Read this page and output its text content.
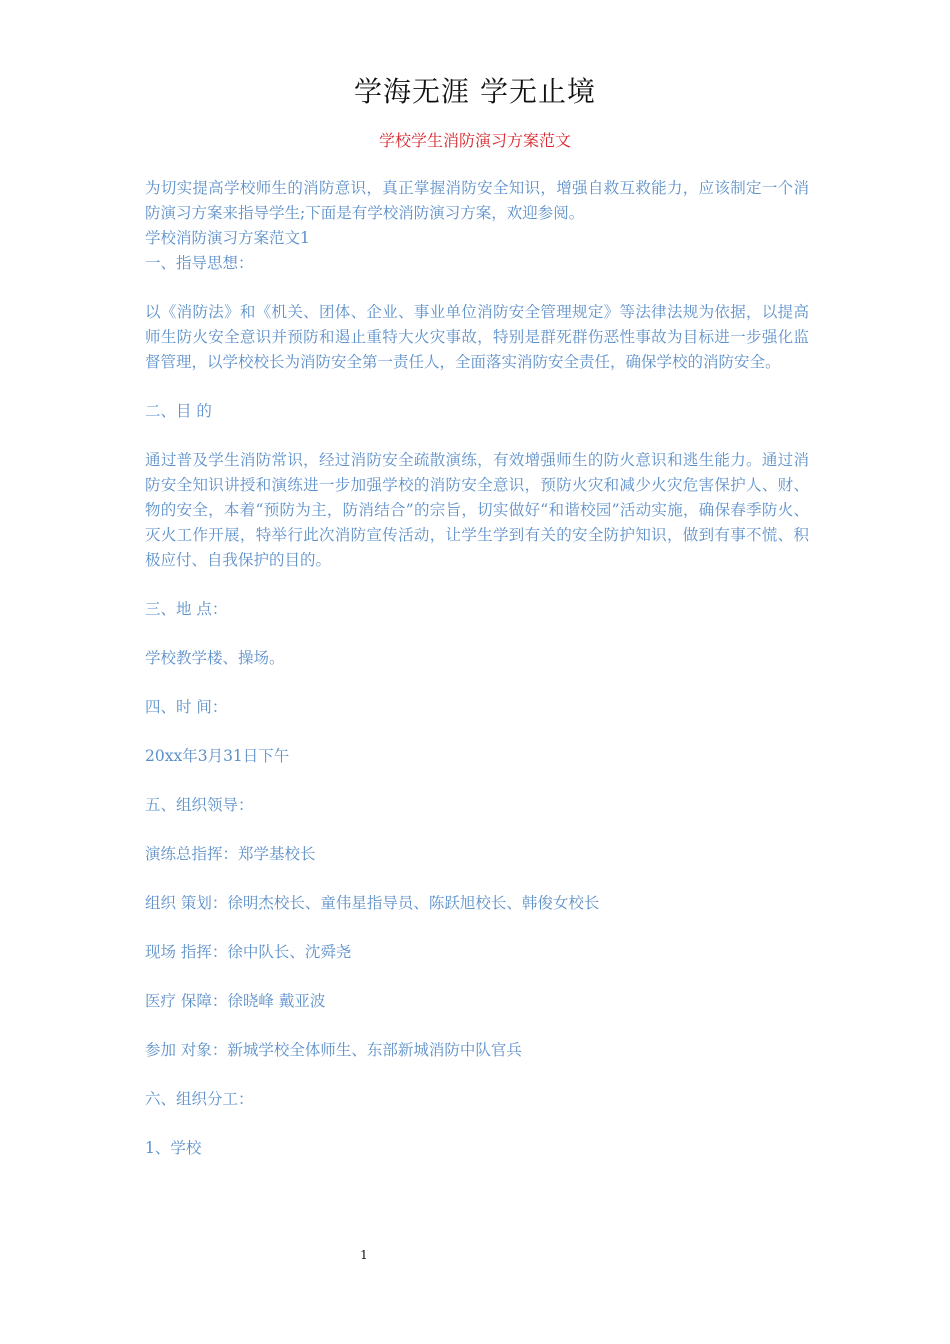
学海无涯 学无止境
学校学生消防演习方案范文

为切实提高学校师生的消防意识，真正掌握消防安全知识，增强自救互救能力，应该制定一个消防演习方案来指导学生;下面是有学校消防演习方案，欢迎参阅。

学校消防演习方案范文1

一、指导思想：

以《消防法》和《机关、团体、企业、事业单位消防安全管理规定》等法律法规为依据，以提高师生防火安全意识并预防和遏止重特大火灾事故，特别是群死群伤恶性事故为目标进一步强化监督管理，以学校校长为消防安全第一责任人，全面落实消防安全责任，确保学校的消防安全。

二、目 的

通过普及学生消防常识，经过消防安全疏散演练，有效增强师生的防火意识和逃生能力。通过消防安全知识讲授和演练进一步加强学校的消防安全意识，预防火灾和减少火灾危害保护人、财、物的安全，本着“预防为主，防消结合”的宗旨，切实做好“和谐校园”活动实施，确保春季防火、灭火工作开展，特举行此次消防宣传活动，让学生学到有关的安全防护知识，做到有事不慌、积极应付、自我保护的目的。

三、地 点：

学校教学楼、操场。

四、时 间：

20xx年3月31日下午

五、组织领导：

演练总指挥：郑学基校长

组织 策划：徐明杰校长、童伟星指导员、陈跃旭校长、韩俊女校长

现场 指挥：徐中队长、沈舜尧

医疗 保障：徐晓峰 戴亚波

参加 对象：新城学校全体师生、东部新城消防中队官兵

六、组织分工：

1、学校

1
